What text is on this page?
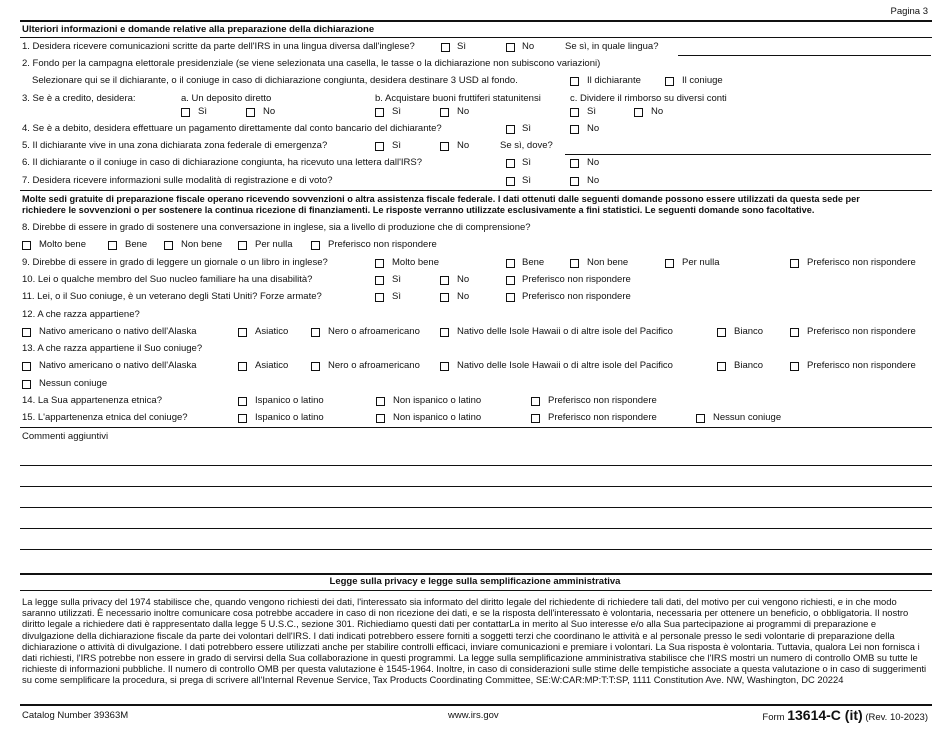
Pagina 3
Ulteriori informazioni e domande relative alla preparazione della dichiarazione
1. Desidera ricevere comunicazioni scritte da parte dell'IRS in una lingua diversa dall'inglese?	Sì	No	Se sì, in quale lingua?
2. Fondo per la campagna elettorale presidenziale (se viene selezionata una casella, le tasse o la dichiarazione non subiscono variazioni)
Selezionare qui se il dichiarante, o il coniuge in caso di dichiarazione congiunta, desidera destinare 3 USD al fondo.	Il dichiarante	Il coniuge
3. Se è a credito, desidera:	a. Un deposito diretto	b. Acquistare buoni fruttiferi statunitensi	c. Dividere il rimborso su diversi conti
Sì	No	Sì	No	Sì	No
4. Se è a debito, desidera effettuare un pagamento direttamente dal conto bancario del dichiarante?	Sì	No
5. Il dichiarante vive in una zona dichiarata zona federale di emergenza?	Sì	No	Se sì, dove?
6. Il dichiarante o il coniuge in caso di dichiarazione congiunta, ha ricevuto una lettera dall'IRS?	Sì	No
7. Desidera ricevere informazioni sulle modalità di registrazione e di voto?	Sì	No
Molte sedi gratuite di preparazione fiscale operano ricevendo sovvenzioni o altra assistenza fiscale federale. I dati ottenuti dalle seguenti domande possono essere utilizzati da questa sede per
richiedere le sovvenzioni o per sostenere la continua ricezione di finanziamenti. Le risposte verranno utilizzate esclusivamente a fini statistici. Le seguenti domande sono facoltative.
8. Direbbe di essere in grado di sostenere una conversazione in inglese, sia a livello di produzione che di comprensione?
Molto bene	Bene	Non bene	Per nulla	Preferisco non rispondere
9. Direbbe di essere in grado di leggere un giornale o un libro in inglese?	Molto bene	Bene	Non bene	Per nulla	Preferisco non rispondere
10. Lei o qualche membro del Suo nucleo familiare ha una disabilità?	Sì	No	Preferisco non rispondere
11. Lei, o il Suo coniuge, è un veterano degli Stati Uniti? Forze armate?	Sì	No	Preferisco non rispondere
12. A che razza appartiene?
Nativo americano o nativo dell'Alaska	Asiatico	Nero o afroamericano	Nativo delle Isole Hawaii o di altre isole del Pacifico	Bianco	Preferisco non rispondere
13. A che razza appartiene il Suo coniuge?
Nativo americano o nativo dell'Alaska	Asiatico	Nero o afroamericano	Nativo delle Isole Hawaii o di altre isole del Pacifico	Bianco	Preferisco non rispondere
Nessun coniuge
14. La Sua appartenenza etnica?	Ispanico o latino	Non ispanico o latino	Preferisco non rispondere
15. L'appartenenza etnica del coniuge?	Ispanico o latino	Non ispanico o latino	Preferisco non rispondere	Nessun coniuge
Commenti aggiuntivi
Legge sulla privacy e legge sulla semplificazione amministrativa
La legge sulla privacy del 1974 stabilisce che, quando vengono richiesti dei dati, l'interessato sia informato del diritto legale del richiedente di richiedere tali dati, del motivo per cui vengono richiesti, e in che modo saranno utilizzati. È necessario inoltre comunicare cosa potrebbe accadere in caso di non ricezione dei dati, e se la risposta dell'interessato è volontaria, necessaria per ottenere un beneficio, o obbligatoria. Il nostro diritto legale a richiedere dati è rappresentato dalla legge 5 U.S.C., sezione 301. Richiediamo questi dati per contattarLa in merito al Suo interesse e/o alla Sua partecipazione ai programmi di preparazione e divulgazione della dichiarazione fiscale da parte dei volontari dell'IRS. I dati indicati potrebbero essere forniti a soggetti terzi che coordinano le attività e al personale presso le sedi volontarie di preparazione della dichiarazione o attività di divulgazione. I dati potrebbero essere utilizzati anche per stabilire controlli efficaci, inviare comunicazioni e premiare i volontari. La Sua risposta è volontaria. Tuttavia, qualora Lei non fornisca i dati richiesti, l'IRS potrebbe non essere in grado di servirsi della Sua collaborazione in questi programmi. La legge sulla semplificazione amministrativa stabilisce che l'IRS mostri un numero di controllo OMB su tutte le richieste di informazioni pubbliche. Il numero di controllo OMB per questa valutazione è 1545-1964. Inoltre, in caso di considerazioni sulle stime delle tempistiche associate a questa valutazione o in caso di suggerimenti su come semplificare la procedura, si prega di scrivere all'Internal Revenue Service, Tax Products Coordinating Committee, SE:W:CAR:MP:T:T:SP, 1111 Constitution Ave. NW, Washington, DC 20224
Catalog Number 39363M	www.irs.gov	Form 13614-C (it) (Rev. 10-2023)
